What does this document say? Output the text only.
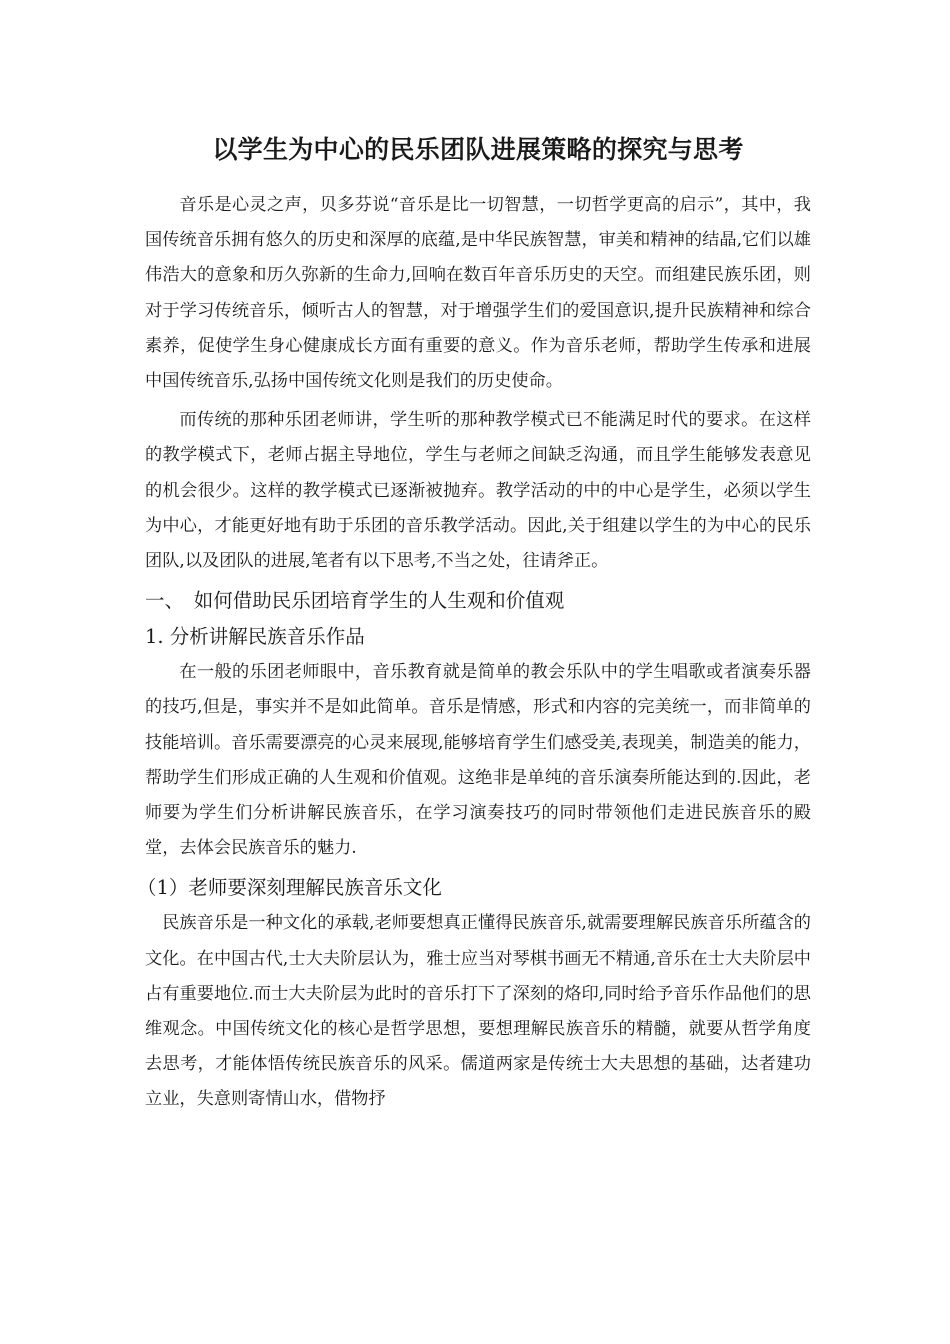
以学生为中心的民乐团队进展策略的探究与思考

音乐是心灵之声，贝多芬说“音乐是比一切智慧，一切哲学更高的启示”，其中，我国传统音乐拥有悠久的历史和深厚的底蕴,是中华民族智慧，审美和精神的结晶,它们以雄伟浩大的意象和历久弥新的生命力,回响在数百年音乐历史的天空。而组建民族乐团，则对于学习传统音乐，倾听古人的智慧，对于增强学生们的爱国意识,提升民族精神和综合素养，促使学生身心健康成长方面有重要的意义。作为音乐老师，帮助学生传承和进展中国传统音乐,弘扬中国传统文化则是我们的历史使命。

而传统的那种乐团老师讲，学生听的那种教学模式已不能满足时代的要求。在这样的教学模式下，老师占据主导地位，学生与老师之间缺乏沟通，而且学生能够发表意见的机会很少。这样的教学模式已逐渐被抛弃。教学活动的中的中心是学生，必须以学生为中心，才能更好地有助于乐团的音乐教学活动。因此,关于组建以学生的为中心的民乐团队,以及团队的进展,笔者有以下思考,不当之处，往请斧正。

一、　如何借助民乐团培育学生的人生观和价值观
1. 分析讲解民族音乐作品

在一般的乐团老师眼中，音乐教育就是简单的教会乐队中的学生唱歌或者演奏乐器的技巧,但是，事实并不是如此简单。音乐是情感，形式和内容的完美统一，而非简单的技能培训。音乐需要漂亮的心灵来展现,能够培育学生们感受美,表现美，制造美的能力，帮助学生们形成正确的人生观和价值观。这绝非是单纯的音乐演奏所能达到的.因此，老师要为学生们分析讲解民族音乐，在学习演奏技巧的同时带领他们走进民族音乐的殿堂，去体会民族音乐的魅力.

（1）老师要深刻理解民族音乐文化

民族音乐是一种文化的承载,老师要想真正懂得民族音乐,就需要理解民族音乐所蕴含的文化。在中国古代,士大夫阶层认为，雅士应当对琴棋书画无不精通,音乐在士大夫阶层中占有重要地位.而士大夫阶层为此时的音乐打下了深刻的烙印,同时给予音乐作品他们的思维观念。中国传统文化的核心是哲学思想，要想理解民族音乐的精髓，就要从哲学角度去思考，才能体悟传统民族音乐的风采。儒道两家是传统士大夫思想的基础，达者建功立业，失意则寄情山水，借物抒
